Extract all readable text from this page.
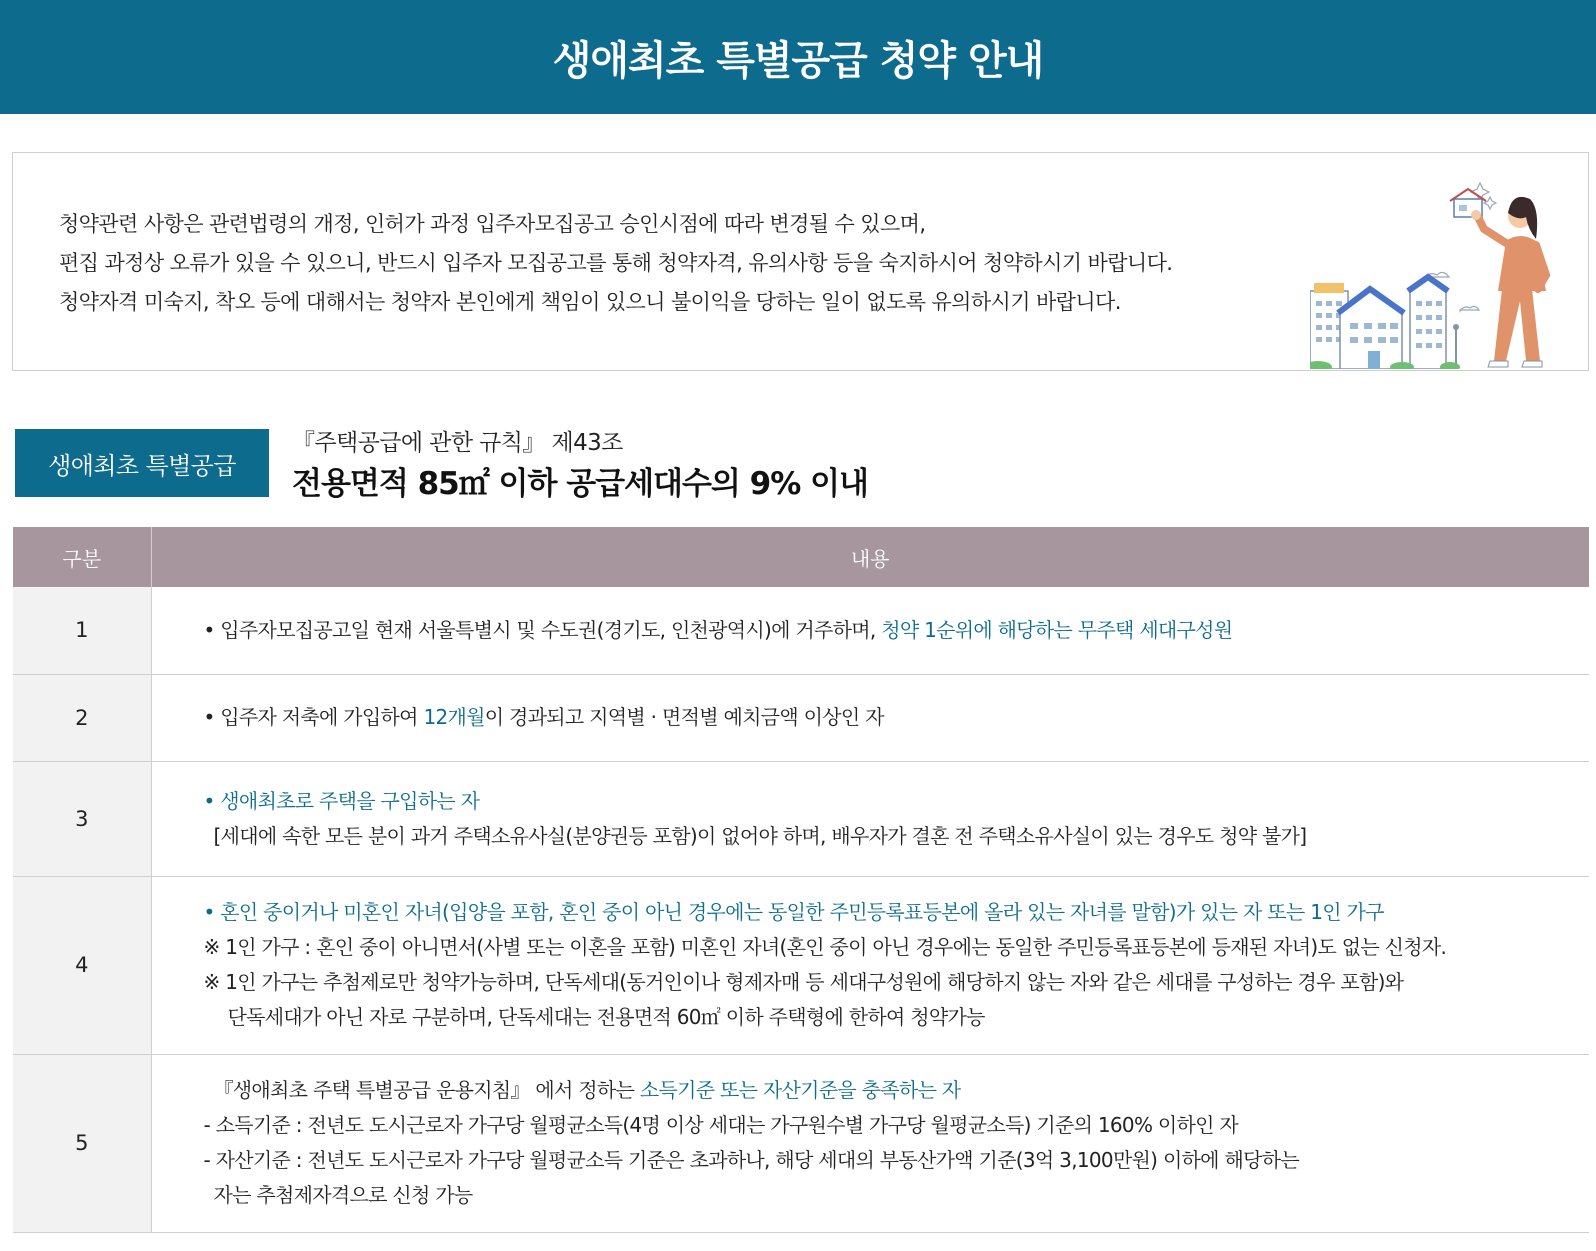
생애최초 특별공급 청약 안내

청약관련 사항은 관련법령의 개정, 인허가 과정 입주자모집공고 승인시점에 따라 변경될 수 있으며,

편집 과정상 오류가 있을 수 있으니, 반드시 입주자 모집공고를 통해 청약자격, 유의사항 등을 숙지하시어 청약하시기 바랍니다.

청약자격 미숙지, 착오 등에 대해서는 청약자 본인에게 책임이 있으니 불이익을 당하는 일이 없도록 유의하시기 바랍니다.

생애최초 특별공급
『주택공급에 관한 규칙』 제43조
전용면적 85㎡ 이하 공급세대수의 9% 이내
구분	내용
1	• 입주자모집공고일 현재 서울특별시 및 수도권(경기도, 인천광역시)에 거주하며, 청약 1순위에 해당하는 무주택 세대구성원

2	• 입주자 저축에 가입하여 12개월이 경과되고 지역별 · 면적별 예치금액 이상인 자

3	• 생애최초로 주택을 구입하는 자
[세대에 속한 모든 분이 과거 주택소유사실(분양권등 포함)이 없어야 하며, 배우자가 결혼 전 주택소유사실이 있는 경우도 청약 불가]

4	• 혼인 중이거나 미혼인 자녀(입양을 포함, 혼인 중이 아닌 경우에는 동일한 주민등록표등본에 올라 있는 자녀를 말함)가 있는 자 또는 1인 가구
※ 1인 가구 : 혼인 중이 아니면서(사별 또는 이혼을 포함) 미혼인 자녀(혼인 중이 아닌 경우에는 동일한 주민등록표등본에 등재된 자녀)도 없는 신청자.
※ 1인 가구는 추첨제로만 청약가능하며, 단독세대(동거인이나 형제자매 등 세대구성원에 해당하지 않는 자와 같은 세대를 구성하는 경우 포함)와
단독세대가 아닌 자로 구분하며, 단독세대는 전용면적 60㎡ 이하 주택형에 한하여 청약가능

5	『생애최초 주택 특별공급 운용지침』 에서 정하는 소득기준 또는 자산기준을 충족하는 자
- 소득기준 : 전년도 도시근로자 가구당 월평균소득(4명 이상 세대는 가구원수별 가구당 월평균소득) 기준의 160% 이하인 자
- 자산기준 : 전년도 도시근로자 가구당 월평균소득 기준은 초과하나, 해당 세대의 부동산가액 기준(3억 3,100만원) 이하에 해당하는
자는 추첨제자격으로 신청 가능
